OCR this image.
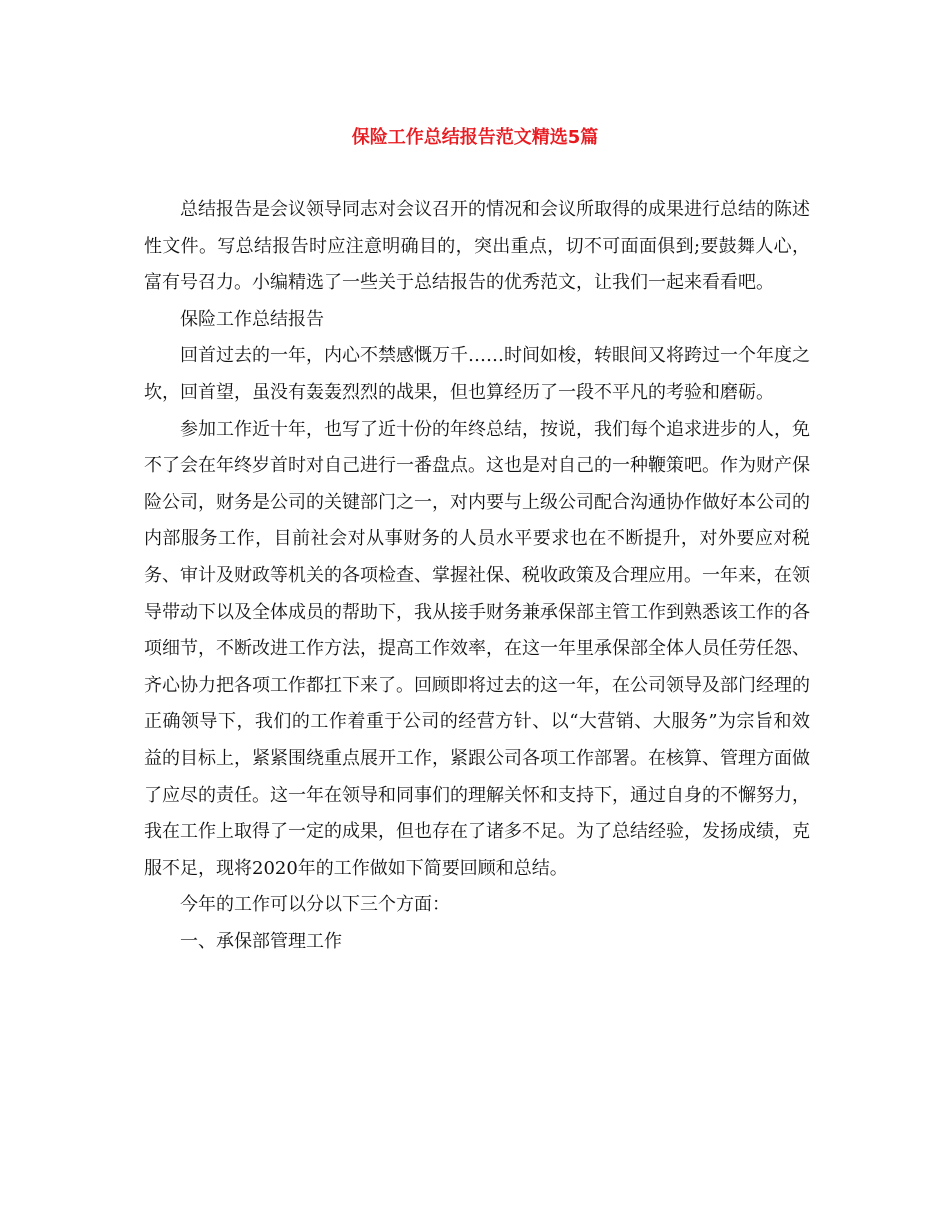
保险工作总结报告范文精选5篇

总结报告是会议领导同志对会议召开的情况和会议所取得的成果进行总结的陈述性文件。写总结报告时应注意明确目的，突出重点，切不可面面俱到;要鼓舞人心，富有号召力。小编精选了一些关于总结报告的优秀范文，让我们一起来看看吧。

保险工作总结报告

回首过去的一年，内心不禁感慨万千……时间如梭，转眼间又将跨过一个年度之坎，回首望，虽没有轰轰烈烈的战果，但也算经历了一段不平凡的考验和磨砺。

参加工作近十年，也写了近十份的年终总结，按说，我们每个追求进步的人，免不了会在年终岁首时对自己进行一番盘点。这也是对自己的一种鞭策吧。作为财产保险公司，财务是公司的关键部门之一，对内要与上级公司配合沟通协作做好本公司的内部服务工作，目前社会对从事财务的人员水平要求也在不断提升，对外要应对税务、审计及财政等机关的各项检查、掌握社保、税收政策及合理应用。一年来，在领导带动下以及全体成员的帮助下，我从接手财务兼承保部主管工作到熟悉该工作的各项细节，不断改进工作方法，提高工作效率，在这一年里承保部全体人员任劳任怨、齐心协力把各项工作都扛下来了。回顾即将过去的这一年，在公司领导及部门经理的正确领导下，我们的工作着重于公司的经营方针、以“大营销、大服务”为宗旨和效益的目标上，紧紧围绕重点展开工作，紧跟公司各项工作部署。在核算、管理方面做了应尽的责任。这一年在领导和同事们的理解关怀和支持下，通过自身的不懈努力，我在工作上取得了一定的成果，但也存在了诸多不足。为了总结经验，发扬成绩，克服不足，现将2020年的工作做如下简要回顾和总结。

今年的工作可以分以下三个方面：

一、承保部管理工作
